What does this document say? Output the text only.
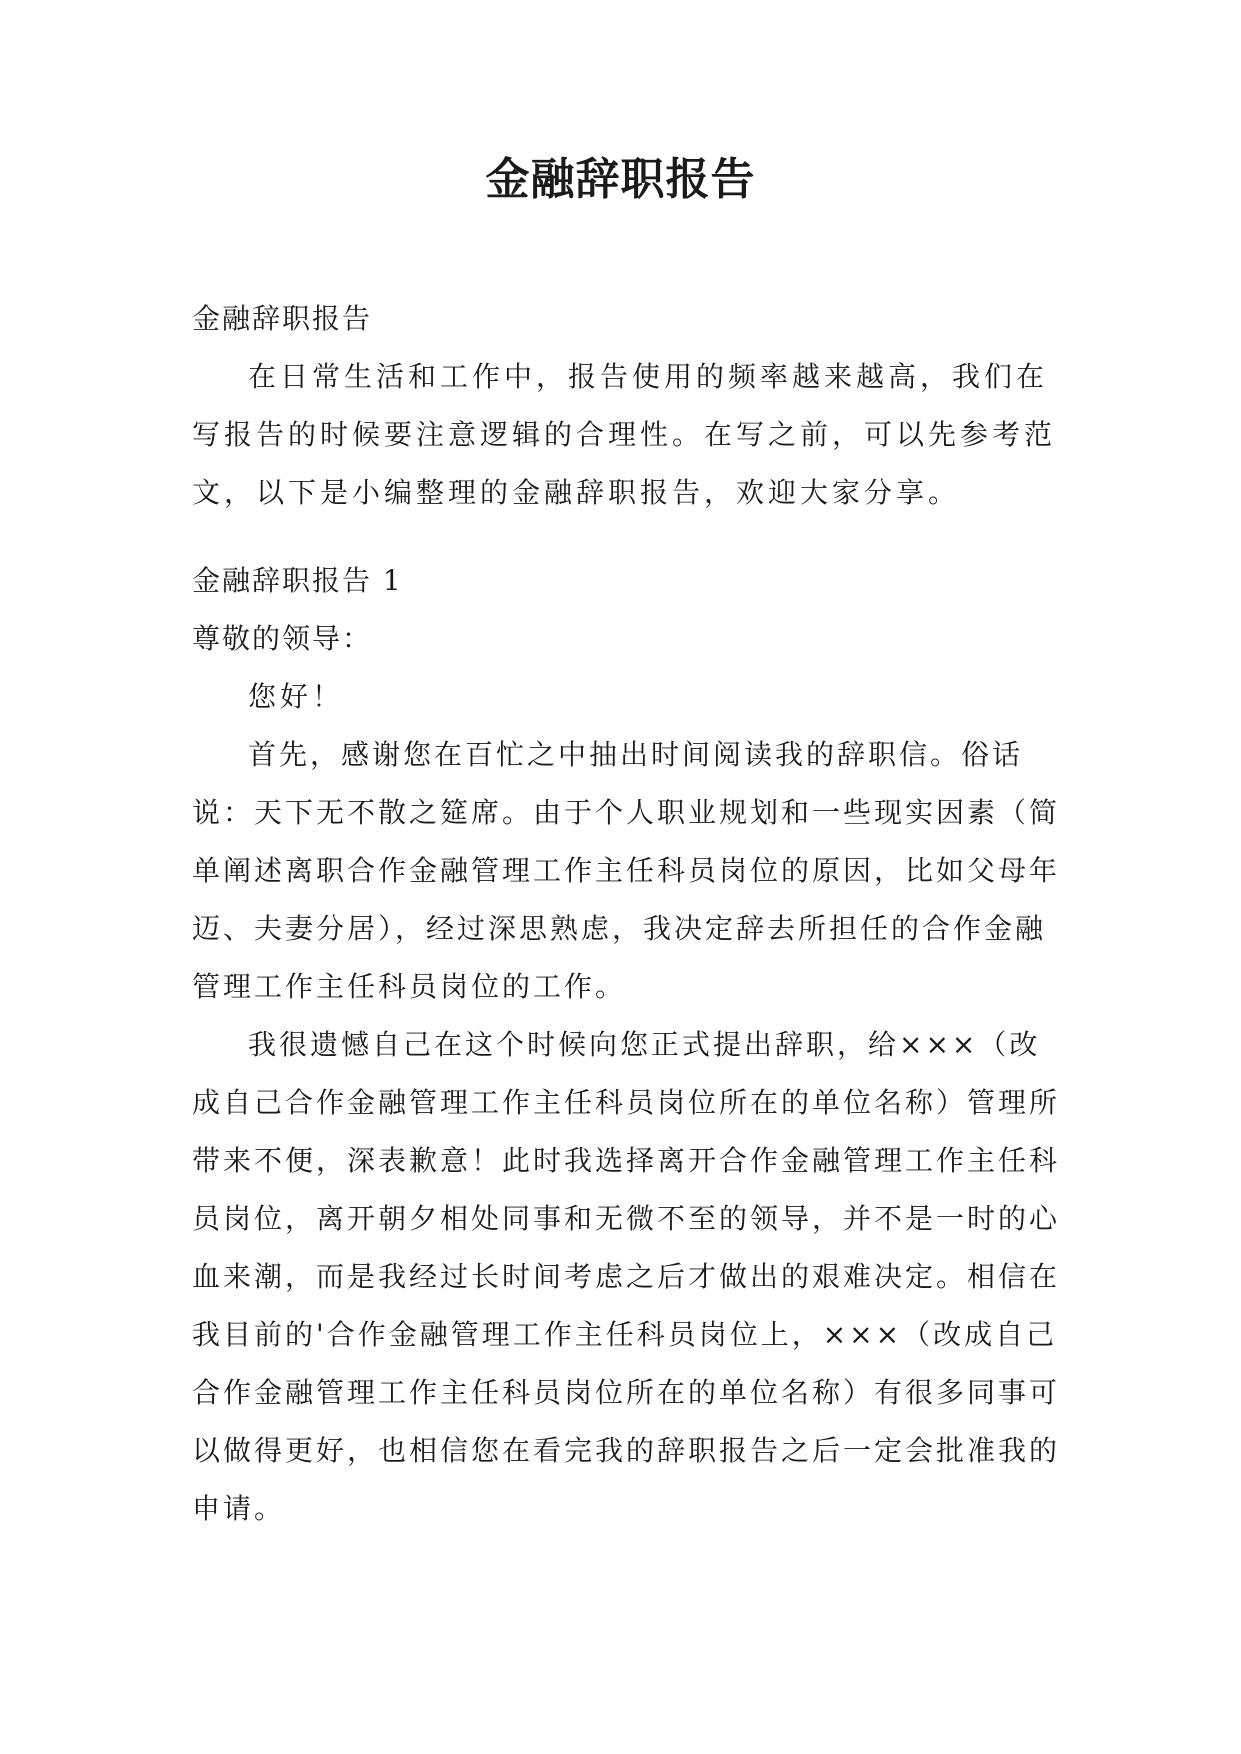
金融辞职报告

金融辞职报告

在日常生活和工作中，报告使用的频率越来越高，我们在写报告的时候要注意逻辑的合理性。在写之前，可以先参考范文，以下是小编整理的金融辞职报告，欢迎大家分享。

金融辞职报告 1

尊敬的领导：

您好！

首先，感谢您在百忙之中抽出时间阅读我的辞职信。俗话说：天下无不散之筵席。由于个人职业规划和一些现实因素（简单阐述离职合作金融管理工作主任科员岗位的原因，比如父母年迈、夫妻分居），经过深思熟虑，我决定辞去所担任的合作金融管理工作主任科员岗位的工作。

我很遗憾自己在这个时候向您正式提出辞职，给×××（改成自己合作金融管理工作主任科员岗位所在的单位名称）管理所带来不便，深表歉意！此时我选择离开合作金融管理工作主任科员岗位，离开朝夕相处同事和无微不至的领导，并不是一时的心血来潮，而是我经过长时间考虑之后才做出的艰难决定。相信在我目前的'合作金融管理工作主任科员岗位上，×××（改成自己合作金融管理工作主任科员岗位所在的单位名称）有很多同事可以做得更好，也相信您在看完我的辞职报告之后一定会批准我的申请。
